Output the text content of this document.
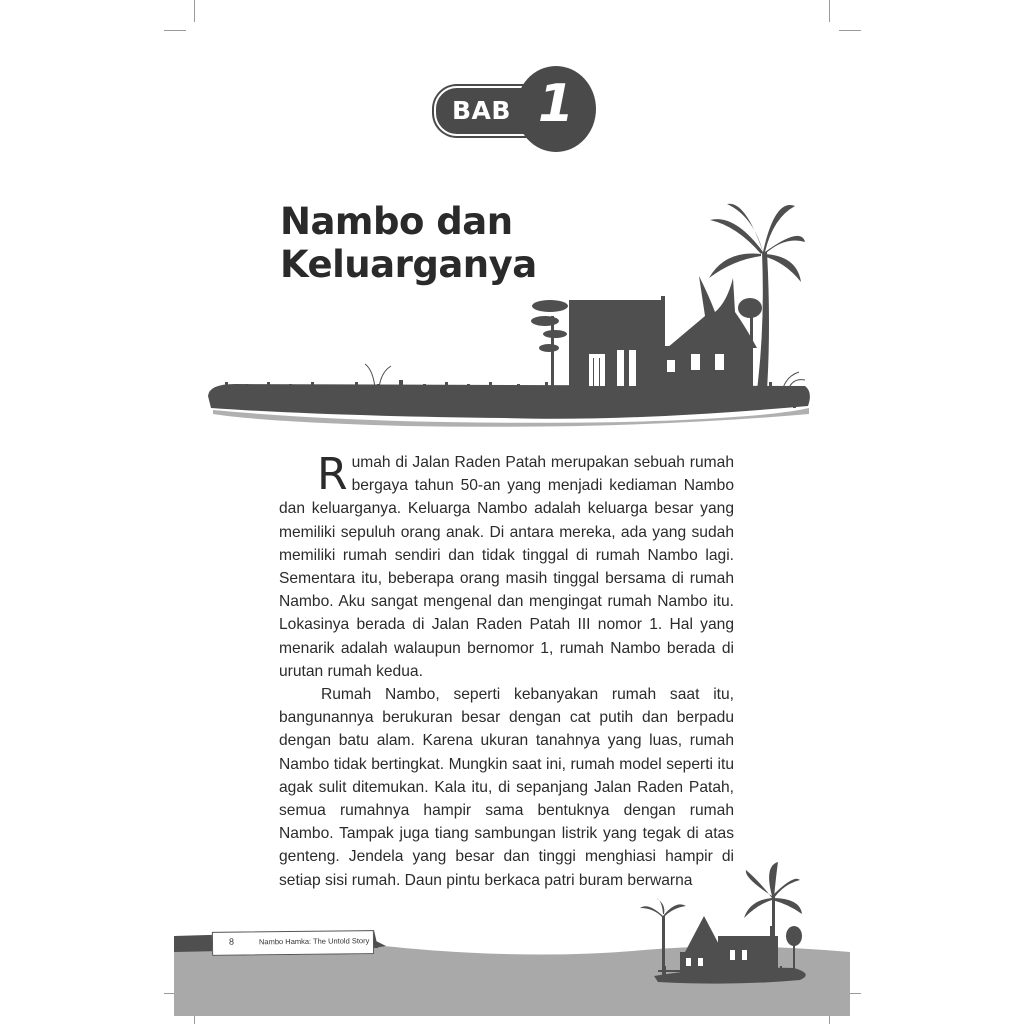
BAB 1
Nambo dan Keluarganya

Rumah di Jalan Raden Patah merupakan sebuah rumah bergaya tahun 50-an yang menjadi kediaman Nambo dan keluarganya. Keluarga Nambo adalah keluarga besar yang memiliki sepuluh orang anak. Di antara mereka, ada yang sudah memiliki rumah sendiri dan tidak tinggal di rumah Nambo lagi. Sementara itu, beberapa orang masih tinggal bersama di rumah Nambo. Aku sangat mengenal dan mengingat rumah Nambo itu. Lokasinya berada di Jalan Raden Patah III nomor 1. Hal yang menarik adalah walaupun bernomor 1, rumah Nambo berada di urutan rumah kedua.

Rumah Nambo, seperti kebanyakan rumah saat itu, bangunannya berukuran besar dengan cat putih dan berpadu dengan batu alam. Karena ukuran tanahnya yang luas, rumah Nambo tidak bertingkat. Mungkin saat ini, rumah model seperti itu agak sulit ditemukan. Kala itu, di sepanjang Jalan Raden Patah, semua rumahnya hampir sama bentuknya dengan rumah Nambo. Tampak juga tiang sambungan listrik yang tegak di atas genteng. Jendela yang besar dan tinggi menghiasi hampir di setiap sisi rumah. Daun pintu berkaca patri buram berwarna

8	Nambo Hamka: The Untold Story
